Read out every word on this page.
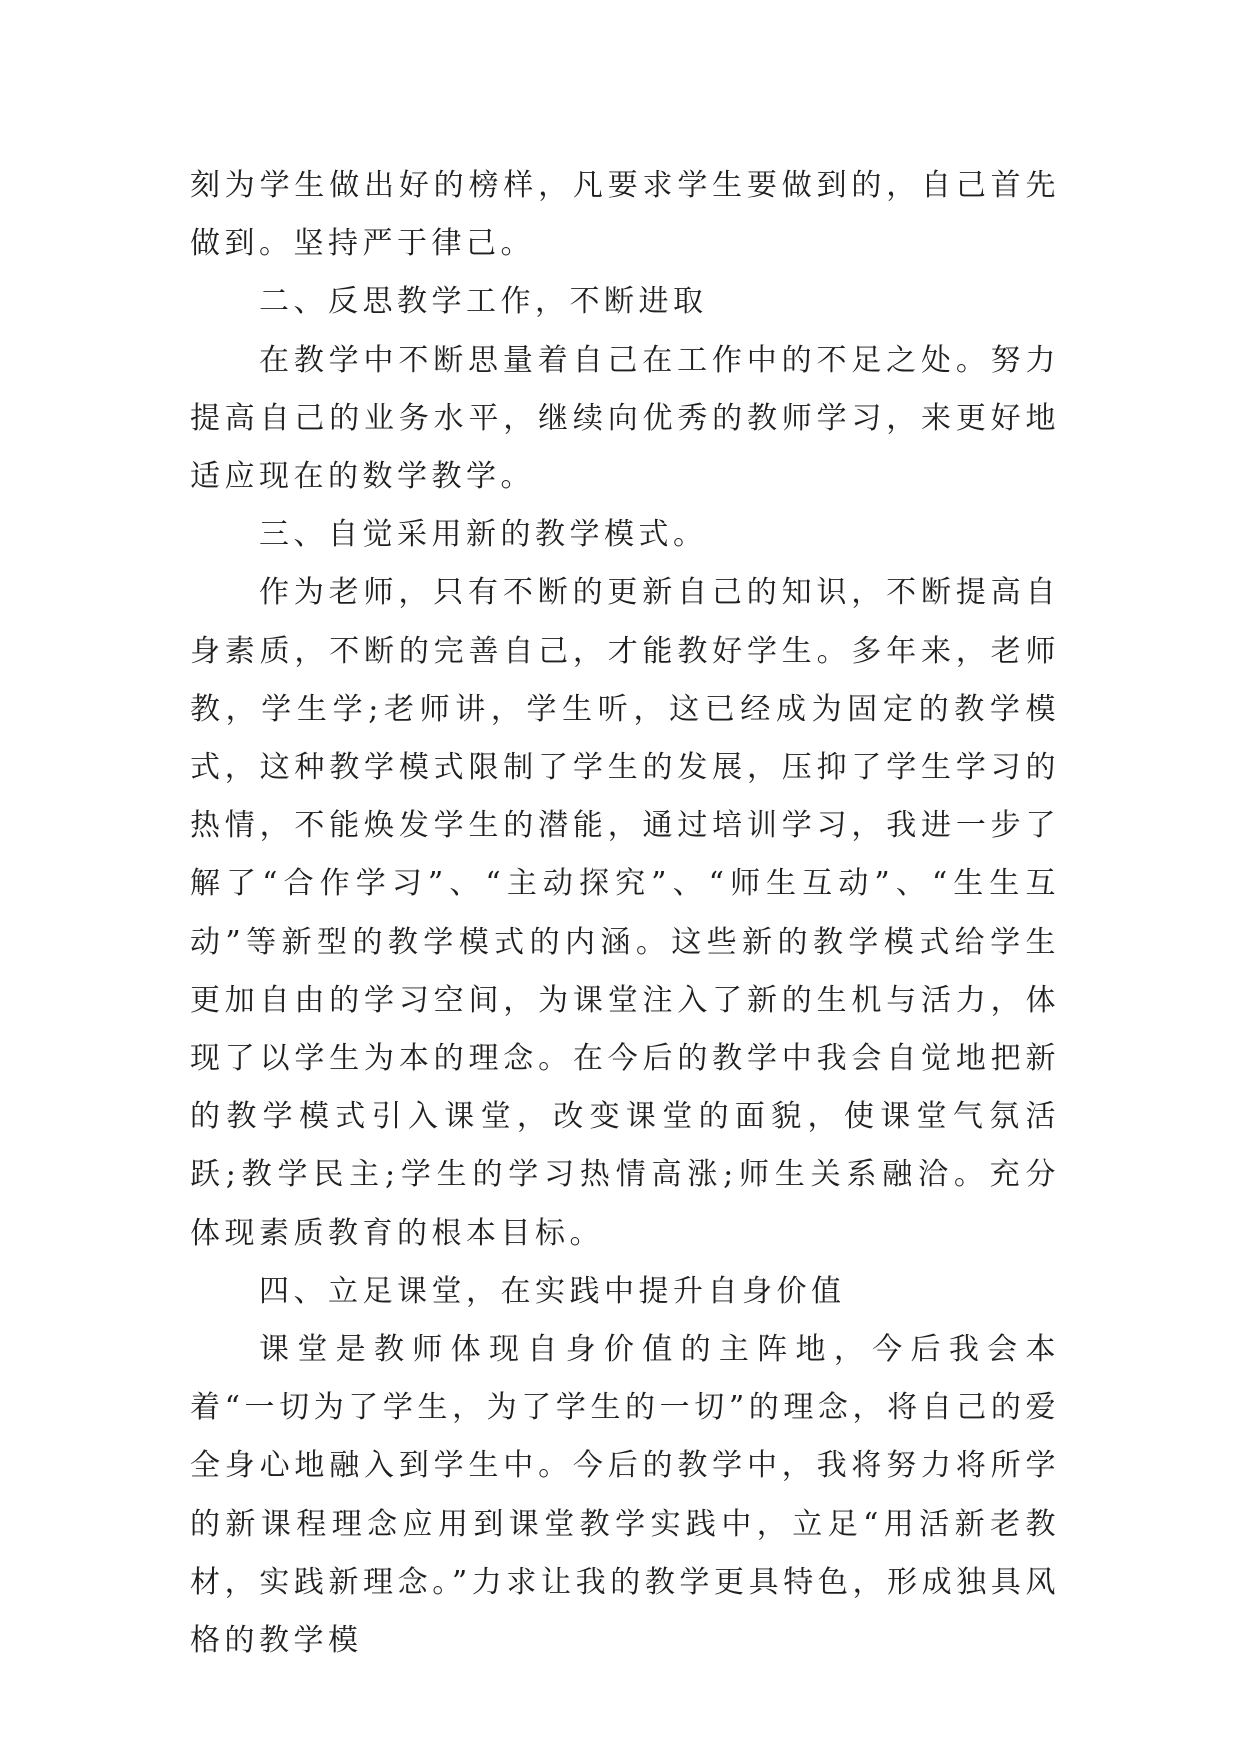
刻为学生做出好的榜样，凡要求学生要做到的，自己首先做到。坚持严于律己。

二、反思教学工作，不断进取

在教学中不断思量着自己在工作中的不足之处。努力提高自己的业务水平，继续向优秀的教师学习，来更好地适应现在的数学教学。

三、自觉采用新的教学模式。

作为老师，只有不断的更新自己的知识，不断提高自身素质，不断的完善自己，才能教好学生。多年来，老师教，学生学;老师讲，学生听，这已经成为固定的教学模式，这种教学模式限制了学生的发展，压抑了学生学习的热情，不能焕发学生的潜能，通过培训学习，我进一步了解了“合作学习”、“主动探究”、“师生互动”、“生生互动”等新型的教学模式的内涵。这些新的教学模式给学生更加自由的学习空间，为课堂注入了新的生机与活力，体现了以学生为本的理念。在今后的教学中我会自觉地把新的教学模式引入课堂，改变课堂的面貌，使课堂气氛活跃;教学民主;学生的学习热情高涨;师生关系融洽。充分体现素质教育的根本目标。

四、立足课堂，在实践中提升自身价值

课堂是教师体现自身价值的主阵地，今后我会本着“一切为了学生，为了学生的一切”的理念，将自己的爱全身心地融入到学生中。今后的教学中，我将努力将所学的新课程理念应用到课堂教学实践中，立足“用活新老教材，实践新理念。”力求让我的教学更具特色，形成独具风格的教学模
